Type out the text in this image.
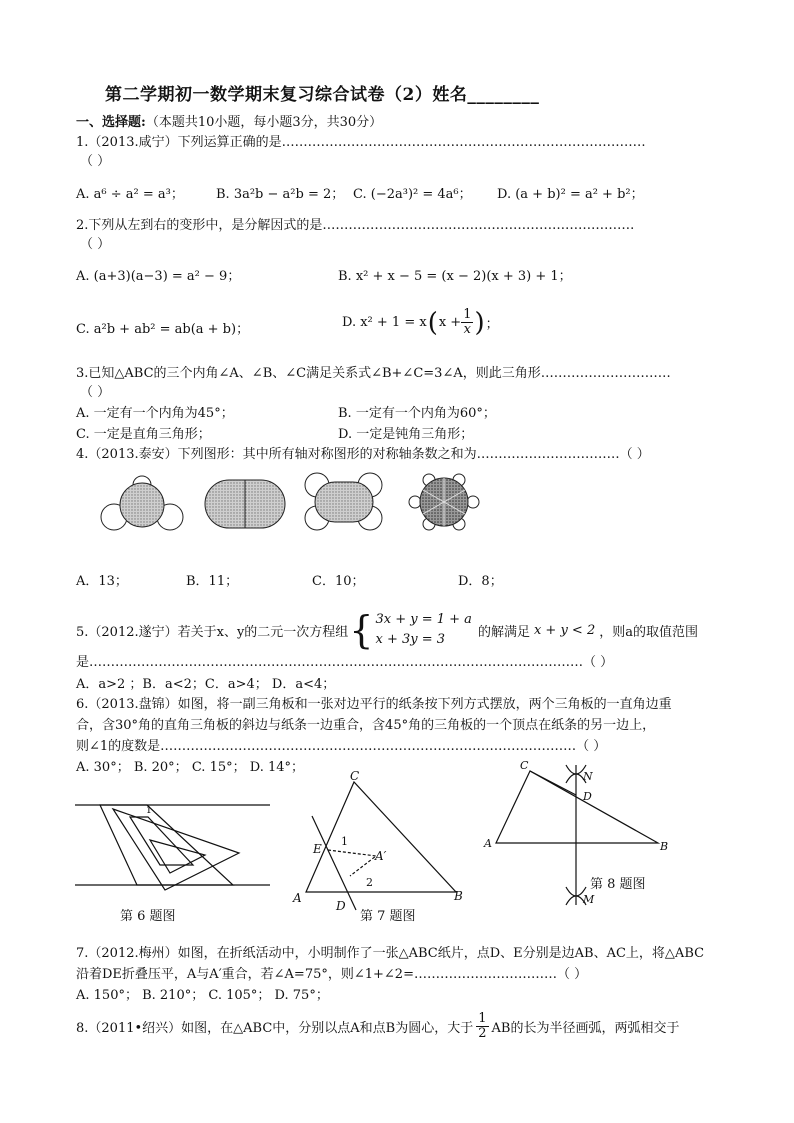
第二学期初一数学期末复习综合试卷（2）姓名________
一、选择题:（本题共10小题，每小题3分，共30分）
1.（2013.咸宁）下列运算正确的是…………………………………………………………………………
（ ）
A. a⁶ ÷ a² = a³； B. 3a²b − a²b = 2； C. (−2a³)² = 4a⁶； D. (a + b)² = a² + b²；
2.下列从左到右的变形中，是分解因式的是………………………………………………………………
（ ）
A. (a+3)(a−3) = a² − 9；	B. x² + x − 5 = (x − 2)(x + 3) + 1；
C. a²b + ab² = ab(a + b)；	D. x² + 1 = x ( $x + \frac{1}{x}$ ) ；
3.已知△ABC的三个内角∠A、∠B、∠C满足关系式∠B+∠C=3∠A，则此三角形…………………………
（ ）
A. 一定有一个内角为45°；	B. 一定有一个内角为60°；
C. 一定是直角三角形；	D. 一定是钝角三角形；
4.（2013.泰安）下列图形：其中所有轴对称图形的对称轴条数之和为……………………………（ ）
A．13；	B．11；	C．10；	D．8；
5.（2012.遂宁）若关于x、y的二元一次方程组 { 3x + y = 1 + a
x + 3y = 3	的解满足 x + y < 2 ，则a的取值范围
是……………………………………………………………………………………………………（ ）
A．a>2 ；B．a<2；C．a>4； D．a<4；
6.（2013.盘锦）如图，将一副三角板和一张对边平行的纸条按下列方式摆放，两个三角板的一直角边重
合，含30°角的直角三角板的斜边与纸条一边重合，含45°角的三角板的一个顶点在纸条的另一边上，
则∠1的度数是……………………………………………………………………………………（ ）
A. 30°； B. 20°； C. 15°； D. 14°；
1
第 6 题图
C
E
A
D
B
A′
1
2
第 7 题图
C
N
D
A	B
M
第 8 题图
7.（2012.梅州）如图，在折纸活动中，小明制作了一张△ABC纸片，点D、E分别是边AB、AC上，将△ABC
沿着DE折叠压平，A与A′重合，若∠A=75°，则∠1+∠2=……………………………（ ）
A. 150°； B. 210°； C. 105°； D. 75°；
8.（2011•绍兴）如图，在△ABC中，分别以点A和点B为圆心，大于 $\frac{1}{2}$ AB的长为半径画弧，两弧相交于
